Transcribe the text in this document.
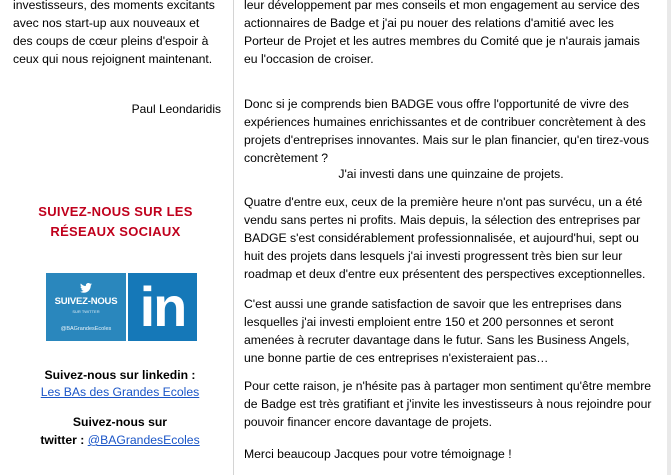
investisseurs, des moments excitants
avec nos start-up aux nouveaux et
des coups de cœur pleins d'espoir à
ceux qui nous rejoignent maintenant.
Paul Leondaridis
SUIVEZ-NOUS SUR LES
RÉSEAUX SOCIAUX
SUIVEZ-NOUS
SUR TWITTER
@BAGrandesEcoles in
Suivez-nous sur linkedin :
Les BAs des Grandes Ecoles
Suivez-nous sur
twitter : @BAGrandesEcoles
leur développement par mes conseils et mon engagement au service des
actionnaires de Badge et j'ai pu nouer des relations d'amitié avec les
Porteur de Projet et les autres membres du Comité que je n'aurais jamais
eu l'occasion de croiser.
Donc si je comprends bien BADGE vous offre l'opportunité de vivre des
expériences humaines enrichissantes et de contribuer concrètement à des
projets d'entreprises innovantes. Mais sur le plan financier, qu'en tirez-vous
concrètement ?
J'ai investi dans une quinzaine de projets.
Quatre d'entre eux, ceux de la première heure n'ont pas survécu, un a été
vendu sans pertes ni profits. Mais depuis, la sélection des entreprises par
BADGE s'est considérablement professionnalisée, et aujourd'hui, sept ou
huit des projets dans lesquels j'ai investi progressent très bien sur leur
roadmap et deux d'entre eux présentent des perspectives exceptionnelles.
C'est aussi une grande satisfaction de savoir que les entreprises dans
lesquelles j'ai investi emploient entre 150 et 200 personnes et seront
amenées à recruter davantage dans le futur. Sans les Business Angels,
une bonne partie de ces entreprises n'existeraient pas…
Pour cette raison, je n'hésite pas à partager mon sentiment qu'être membre
de Badge est très gratifiant et j'invite les investisseurs à nous rejoindre pour
pouvoir financer encore davantage de projets.
Merci beaucoup Jacques pour votre témoignage !
